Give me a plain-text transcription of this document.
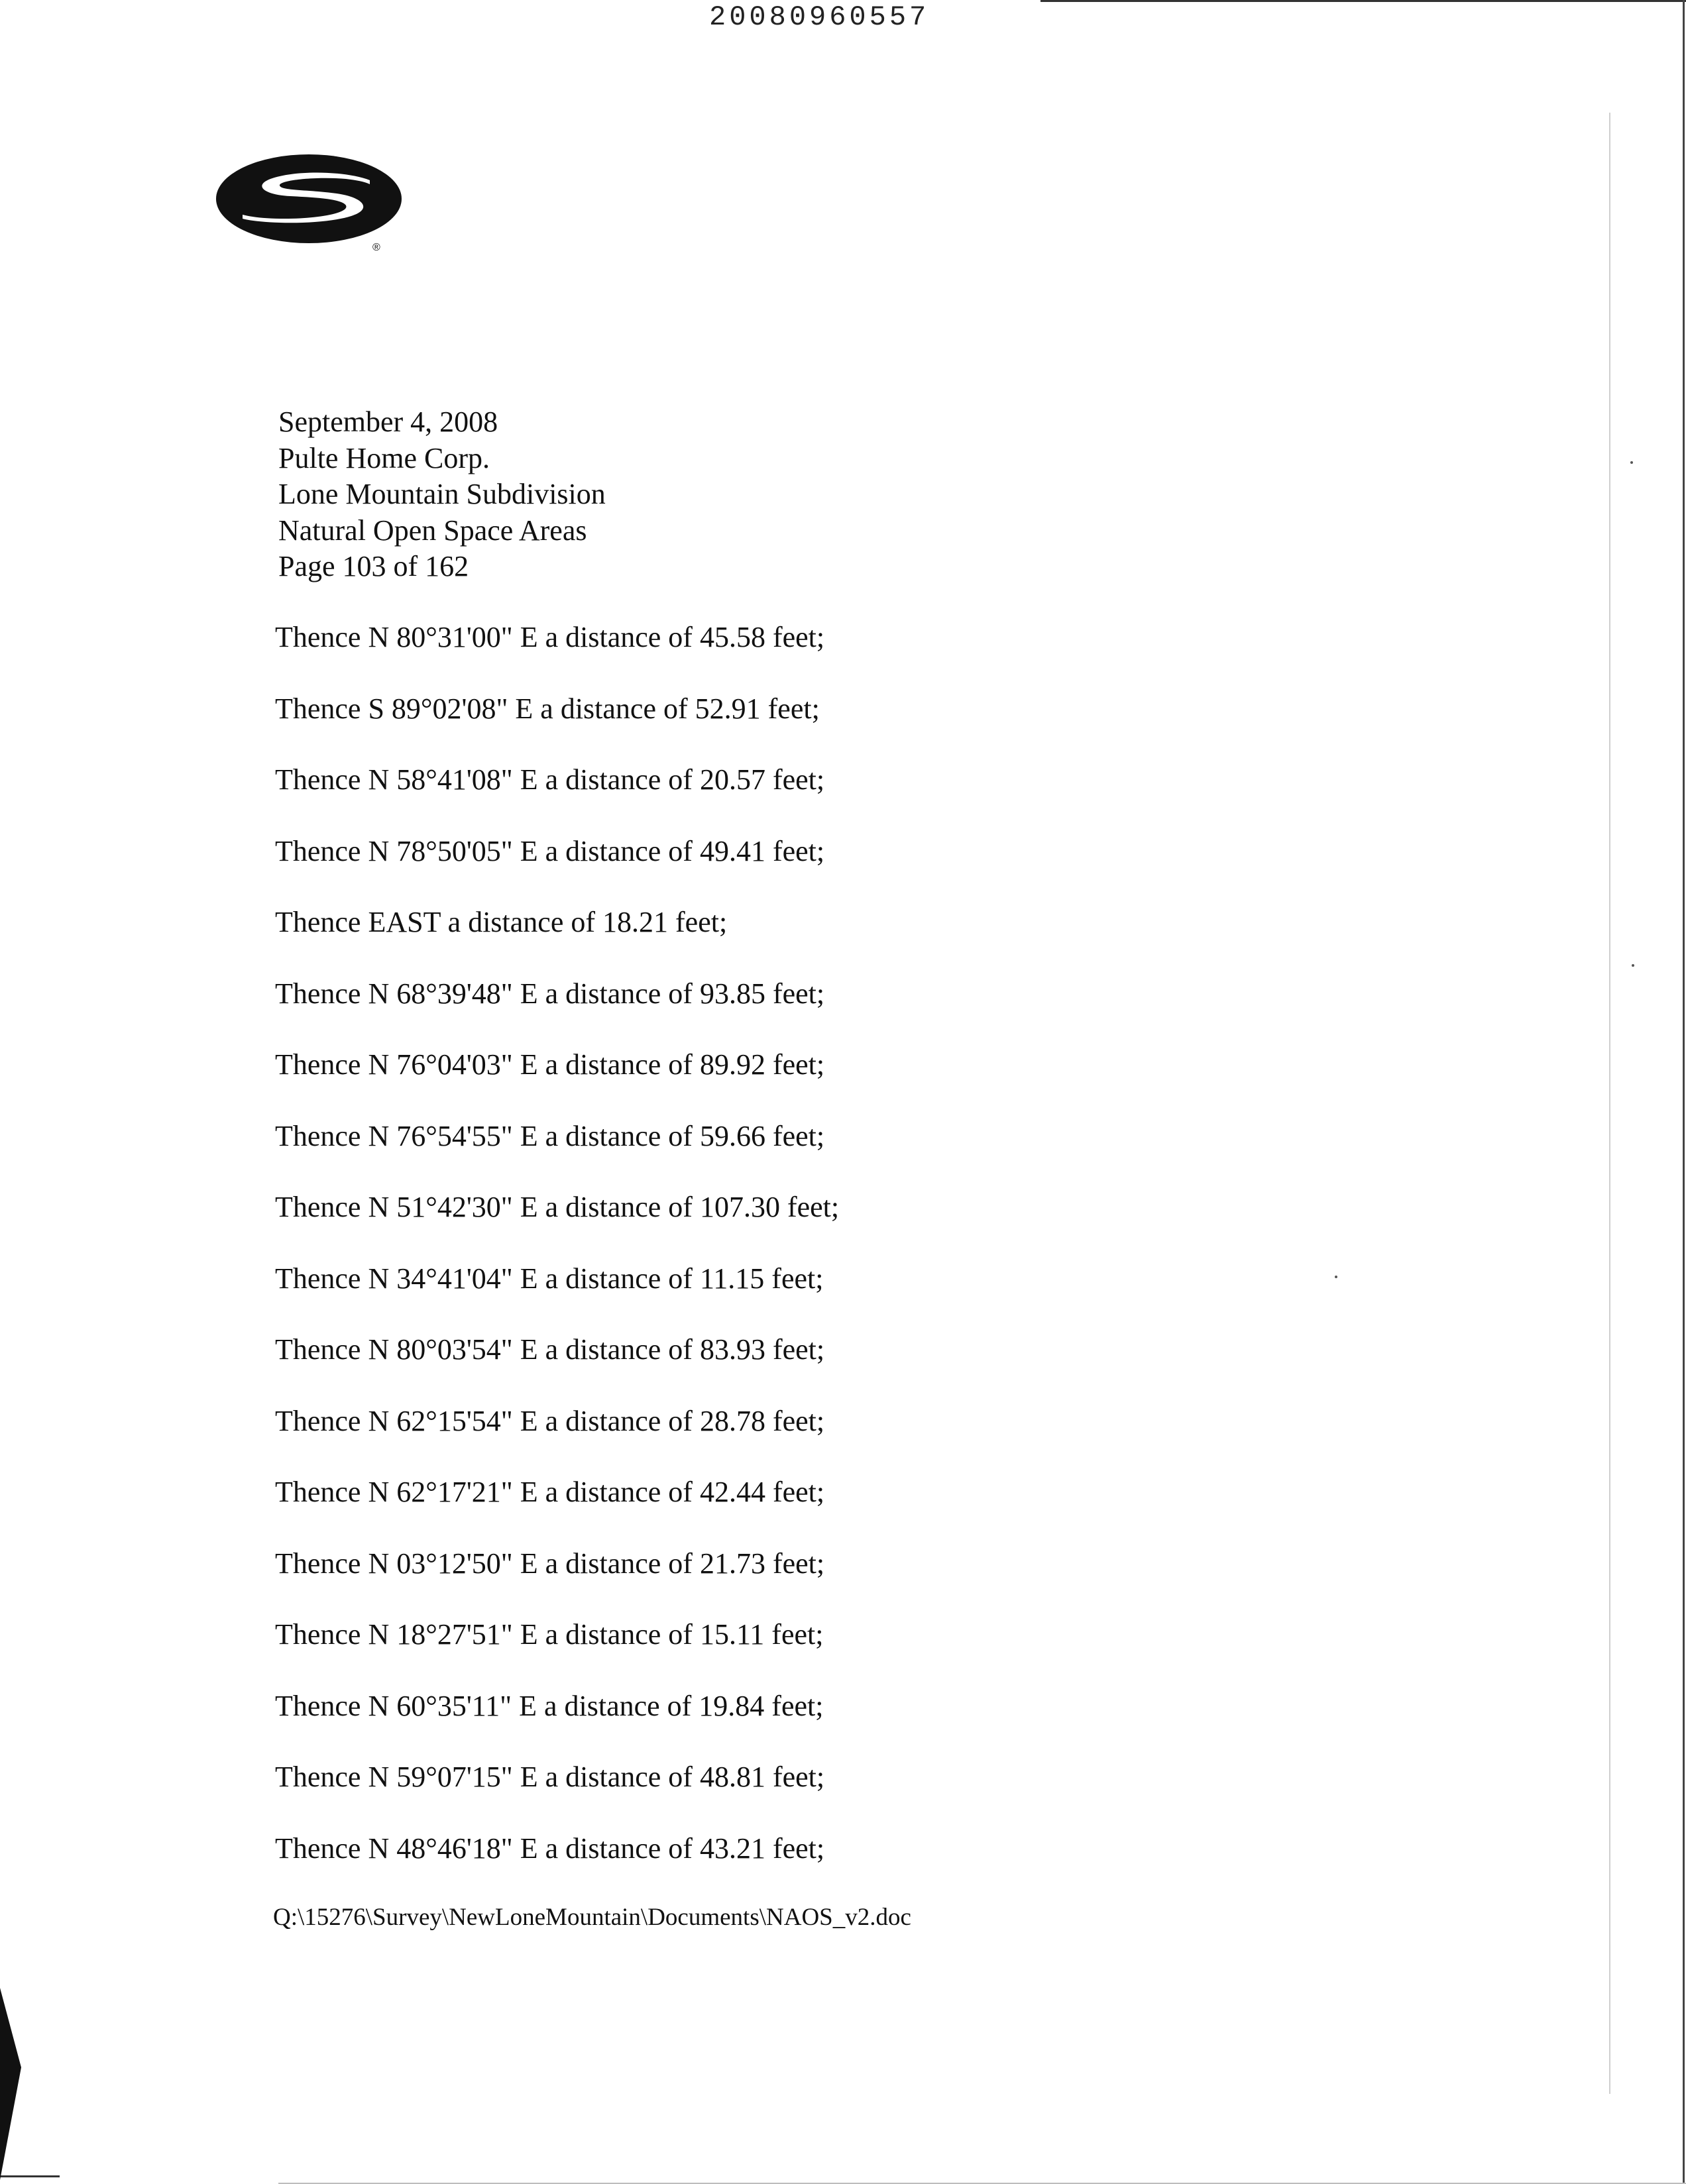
20080960557
®
September 4, 2008
Pulte Home Corp.
Lone Mountain Subdivision
Natural Open Space Areas
Page 103 of 162
Thence N 80°31'00" E a distance of 45.58 feet;
Thence S 89°02'08" E a distance of 52.91 feet;
Thence N 58°41'08" E a distance of 20.57 feet;
Thence N 78°50'05" E a distance of 49.41 feet;
Thence EAST a distance of 18.21 feet;
Thence N 68°39'48" E a distance of 93.85 feet;
Thence N 76°04'03" E a distance of 89.92 feet;
Thence N 76°54'55" E a distance of 59.66 feet;
Thence N 51°42'30" E a distance of 107.30 feet;
Thence N 34°41'04" E a distance of 11.15 feet;
Thence N 80°03'54" E a distance of 83.93 feet;
Thence N 62°15'54" E a distance of 28.78 feet;
Thence N 62°17'21" E a distance of 42.44 feet;
Thence N 03°12'50" E a distance of 21.73 feet;
Thence N 18°27'51" E a distance of 15.11 feet;
Thence N 60°35'11" E a distance of 19.84 feet;
Thence N 59°07'15" E a distance of 48.81 feet;
Thence N 48°46'18" E a distance of 43.21 feet;
Q:\15276\Survey\NewLoneMountain\Documents\NAOS_v2.doc
